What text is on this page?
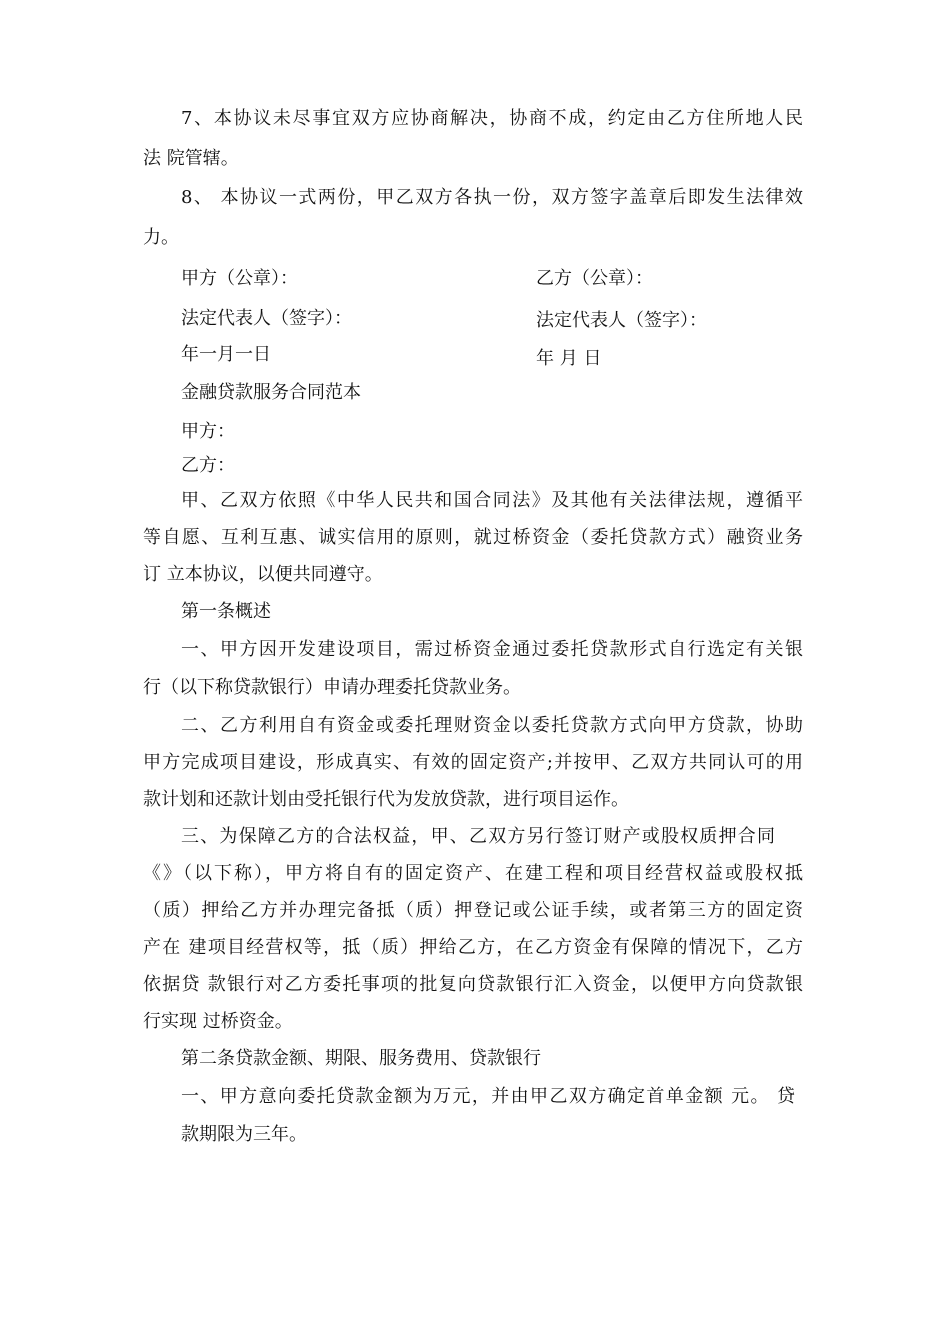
7、本协议未尽事宜双方应协商解决，协商不成，约定由乙方住所地人民
法 院管辖。
8、 本协议一式两份，甲乙双方各执一份，双方签字盖章后即发生法律效
力。
甲方（公章）：	乙方（公章）：
法定代表人（签字）：	法定代表人（签字）：
年一月一日	年 月 日
金融贷款服务合同范本
甲方：
乙方：
甲、乙双方依照《中华人民共和国合同法》及其他有关法律法规，遵循平
等自愿、互利互惠、诚实信用的原则，就过桥资金（委托贷款方式）融资业务
订 立本协议，以便共同遵守。
第一条概述
一、甲方因开发建设项目，需过桥资金通过委托贷款形式自行选定有关银
行（以下称贷款银行）申请办理委托贷款业务。
二、乙方利用自有资金或委托理财资金以委托贷款方式向甲方贷款，协助
甲方完成项目建设，形成真实、有效的固定资产;并按甲、乙双方共同认可的用
款计划和还款计划由受托银行代为发放贷款，进行项目运作。
三、为保障乙方的合法权益，甲、乙双方另行签订财产或股权质押合同
《》（以下称），甲方将自有的固定资产、在建工程和项目经营权益或股权抵
（质）押给乙方并办理完备抵（质）押登记或公证手续，或者第三方的固定资
产在 建项目经营权等，抵（质）押给乙方，在乙方资金有保障的情况下，乙方
依据贷 款银行对乙方委托事项的批复向贷款银行汇入资金，以便甲方向贷款银
行实现 过桥资金。
第二条贷款金额、期限、服务费用、贷款银行
一、甲方意向委托贷款金额为万元，并由甲乙双方确定首单金额 元。 贷
款期限为三年。
